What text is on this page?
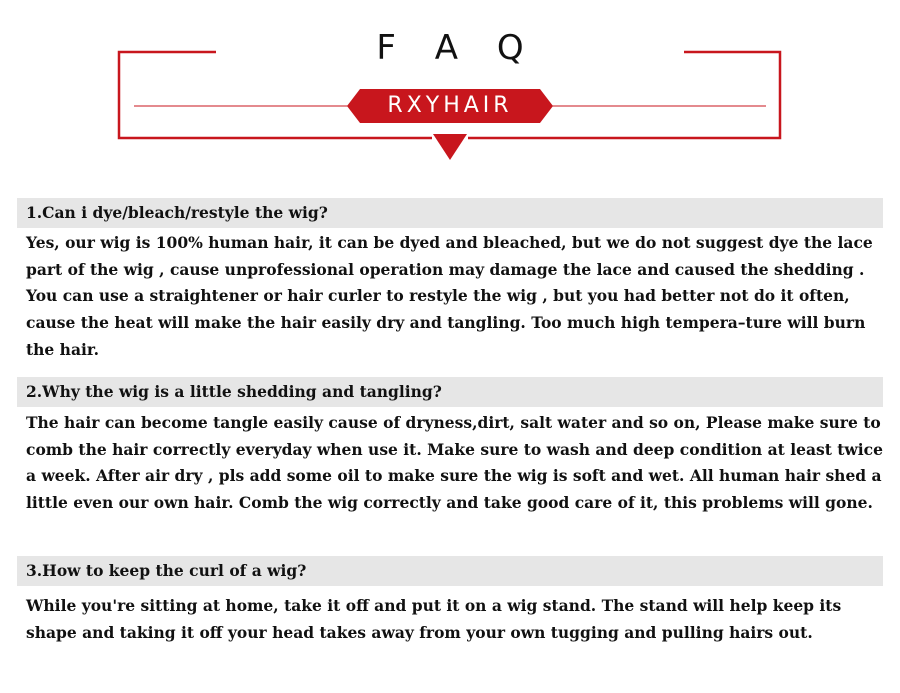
F A Q
RXYHAIR
1.Can i dye/bleach/restyle the wig?

Yes, our wig is 100% human hair, it can be dyed and bleached, but we do not suggest dye the lace part of the wig , cause unprofessional operation may damage the lace and caused the shedding . You can use a straightener or hair curler to restyle the wig , but you had better not do it often, cause the heat will make the hair easily dry and tangling. Too much high tempera–ture will burn the hair.

2.Why the wig is a little shedding and tangling?

The hair can become tangle easily cause of dryness,dirt, salt water and so on, Please make sure to comb the hair correctly everyday when use it. Make sure to wash and deep condition at least twice a week. After air dry , pls add some oil to make sure the wig is soft and wet. All human hair shed a little even our own hair. Comb the wig correctly and take good care of it, this problems will gone.

3.How to keep the curl of a wig?

While you're sitting at home, take it off and put it on a wig stand. The stand will help keep its shape and taking it off your head takes away from your own tugging and pulling hairs out.
